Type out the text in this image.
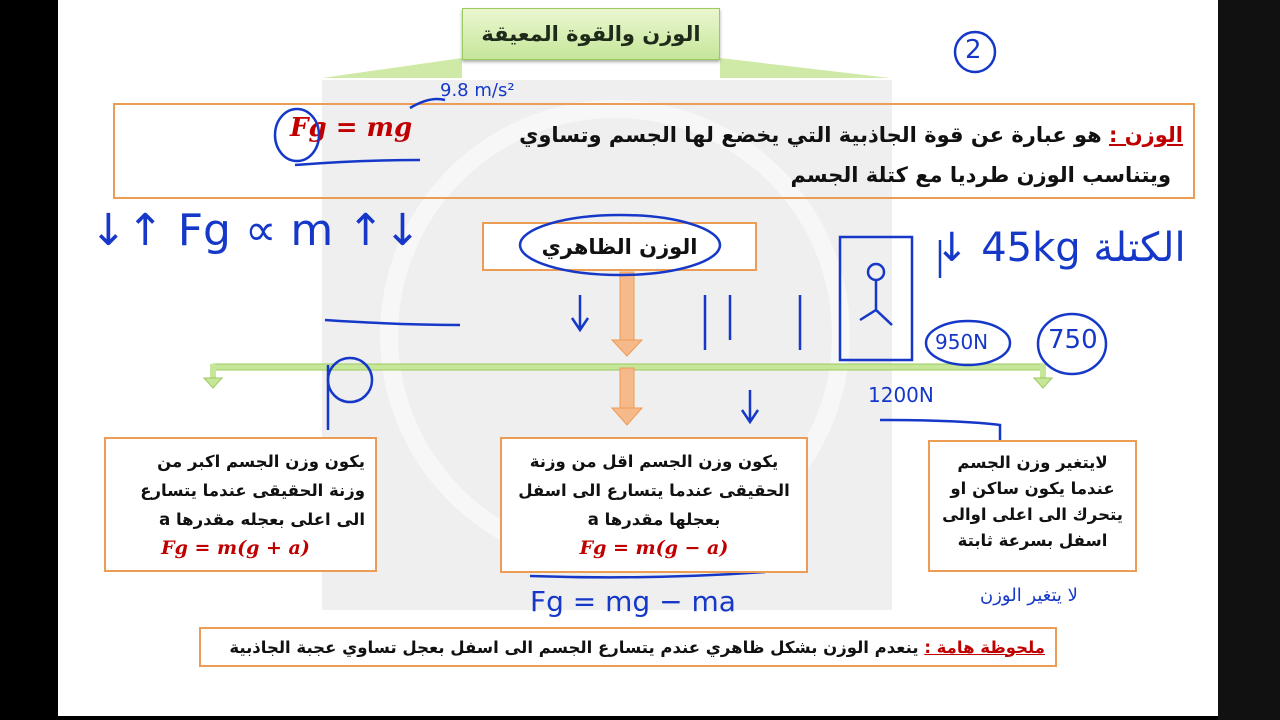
الوزن والقوة المعيقة
الوزن : هو عبارة عن قوة الجاذبية التي يخضع لها الجسم وتساوي
ويتناسب الوزن طرديا مع كتلة الجسم
Fg = mg
الوزن الظاهري
9.8 m/s²
↓↑ Fg ∝ m ↑↓	↓ 45kg الكتلة
950N 750
1200N
Fg = mg − ma	لا يتغير الوزن
2
يكون وزن الجسم اكبر من
وزنة الحقيقى عندما يتسارع
الى اعلى بعجله مقدرها a
Fg = m(g + a)
يكون وزن الجسم اقل من وزنة
الحقيقى عندما يتسارع الى اسفل
بعجلها مقدرها a
Fg = m(g − a)
لايتغير وزن الجسم
عندما يكون ساكن او
يتحرك الى اعلى اوالى
اسفل بسرعة ثابتة
ملحوظة هامة :

ينعدم الوزن بشكل ظاهري عندم يتسارع الجسم الى اسفل بعجل تساوي عجبة الجاذبية
